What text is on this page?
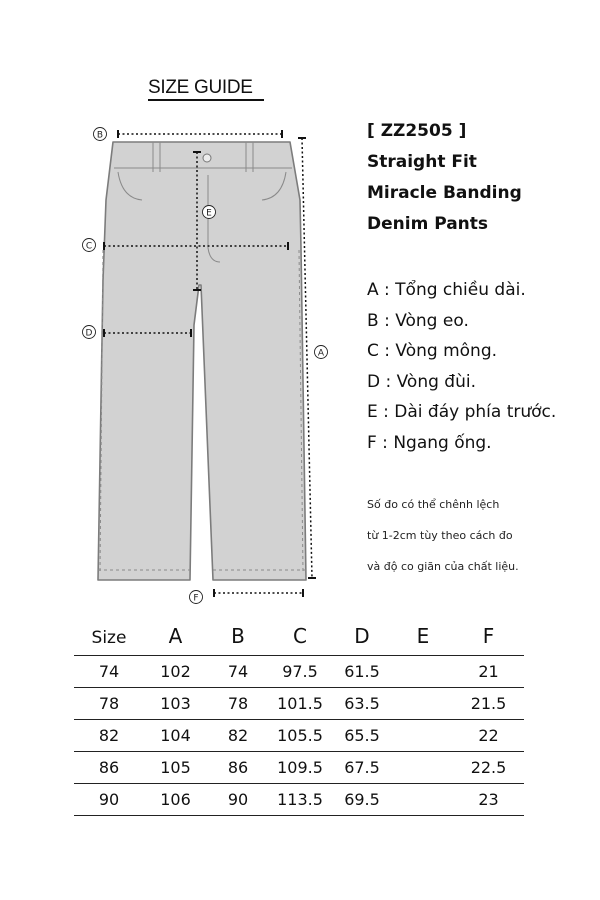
SIZE GUIDE
B
E
C
D
A
F
[ ZZ2505 ]
Straight Fit
Miracle Banding
Denim Pants
A : Tổng chiều dài.
B : Vòng eo.
C : Vòng mông.
D : Vòng đùi.
E : Dài đáy phía trước.
F : Ngang ống.
Số đo có thể chênh lệch
từ 1-2cm tùy theo cách đo
và độ co giãn của chất liệu.
Size	A	B	C	D	E	F
74	102	74	97.5	61.5		21
78	103	78	101.5	63.5		21.5
82	104	82	105.5	65.5		22
86	105	86	109.5	67.5		22.5
90	106	90	113.5	69.5		23
